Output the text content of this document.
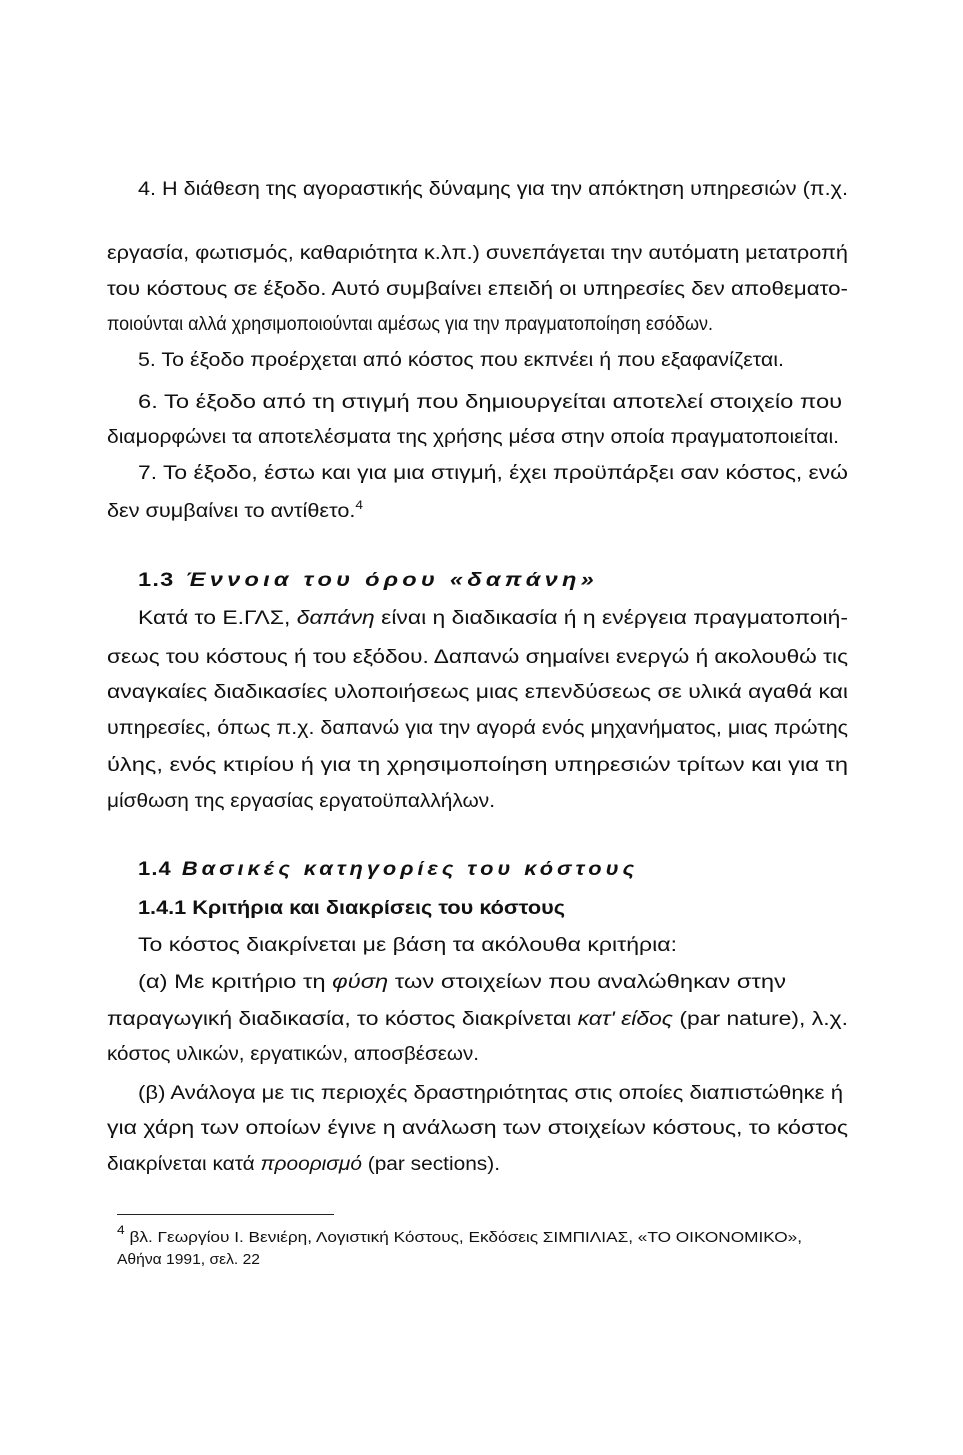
4. Η διάθεση της αγοραστικής δύναμης για την απόκτηση υπηρεσιών (π.χ.
εργασία, φωτισμός, καθαριότητα κ.λπ.) συνεπάγεται την αυτόματη μετατροπή
του κόστους σε έξοδο. Αυτό συμβαίνει επειδή οι υπηρεσίες δεν αποθεματο-
ποιούνται αλλά χρησιμοποιούνται αμέσως για την πραγματοποίηση εσόδων.
5. Το έξοδο προέρχεται από κόστος που εκπνέει ή που εξαφανίζεται.
6. Το έξοδο από τη στιγμή που δημιουργείται αποτελεί στοιχείο που
διαμορφώνει τα αποτελέσματα της χρήσης μέσα στην οποία πραγματοποιείται.
7. Το έξοδο, έστω και για μια στιγμή, έχει προϋπάρξει σαν κόστος, ενώ
δεν συμβαίνει το αντίθετο.$^4$
1.3 Έννοια του όρου «δαπάνη»
Κατά το Ε.ΓΛΣ, δαπάνη είναι η διαδικασία ή η ενέργεια πραγματοποιή-
σεως του κόστους ή του εξόδου. Δαπανώ σημαίνει ενεργώ ή ακολουθώ τις
αναγκαίες διαδικασίες υλοποιήσεως μιας επενδύσεως σε υλικά αγαθά και
υπηρεσίες, όπως π.χ. δαπανώ για την αγορά ενός μηχανήματος, μιας πρώτης
ύλης, ενός κτιρίου ή για τη χρησιμοποίηση υπηρεσιών τρίτων και για τη
μίσθωση της εργασίας εργατοϋπαλλήλων.
1.4 Βασικές κατηγορίες του κόστους
1.4.1 Κριτήρια και διακρίσεις του κόστους
Το κόστος διακρίνεται με βάση τα ακόλουθα κριτήρια:
(α) Με κριτήριο τη φύση των στοιχείων που αναλώθηκαν στην
παραγωγική διαδικασία, το κόστος διακρίνεται κατ' είδος (par nature), λ.χ.
κόστος υλικών, εργατικών, αποσβέσεων.
(β) Ανάλογα με τις περιοχές δραστηριότητας στις οποίες διαπιστώθηκε ή
για χάρη των οποίων έγινε η ανάλωση των στοιχείων κόστους, το κόστος
διακρίνεται κατά προορισμό (par sections).
$^4$ βλ. Γεωργίου Ι. Βενιέρη, Λογιστική Κόστους, Εκδόσεις ΣΙΜΠΙΛΙΑΣ, «ΤΟ ΟΙΚΟΝΟΜΙΚΟ»,
Αθήνα 1991, σελ. 22
